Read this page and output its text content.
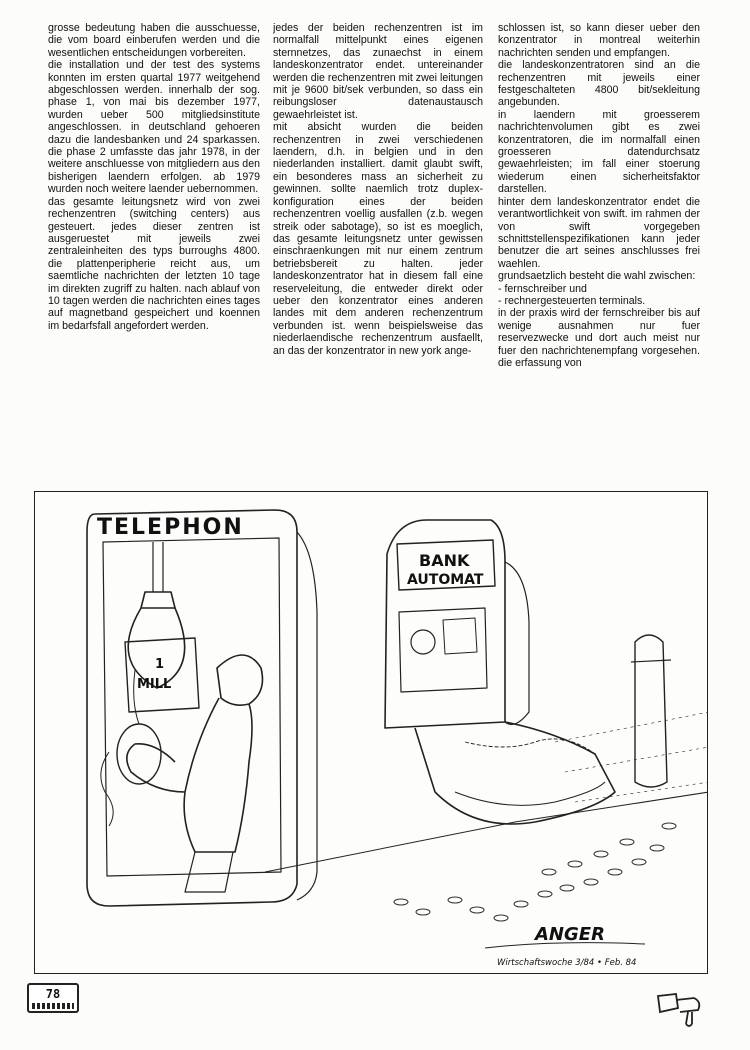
grosse bedeutung haben die ausschuesse, die vom board einberufen werden und die wesentlichen entscheidungen vorbereiten.

die installation und der test des systems konnten im ersten quartal 1977 weitgehend abgeschlossen werden. innerhalb der sog. phase 1, von mai bis dezember 1977, wurden ueber 500 mitgliedsinstitute angeschlossen. in deutschland gehoeren dazu die landesbanken und 24 sparkassen. die phase 2 umfasste das jahr 1978, in der weitere anschluesse von mitgliedern aus den bisherigen laendern erfolgen. ab 1979 wurden noch weitere laender uebernommen.

das gesamte leitungsnetz wird von zwei rechenzentren (switching centers) aus gesteuert. jedes dieser zentren ist ausgeruestet mit jeweils zwei zentraleinheiten des typs burroughs 4800. die plattenperipherie reicht aus, um saemtliche nachrichten der letzten 10 tage im direkten zugriff zu halten. nach ablauf von 10 tagen werden die nachrichten eines tages auf magnetband gespeichert und koennen im bedarfsfall angefordert werden.

jedes der beiden rechenzentren ist im normalfall mittelpunkt eines eigenen sternnetzes, das zunaechst in einem landeskonzentrator endet. untereinander werden die rechenzentren mit zwei leitungen mit je 9600 bit/sek verbunden, so dass ein reibungsloser datenaustausch gewaehrleistet ist.

mit absicht wurden die beiden rechenzentren in zwei verschiedenen laendern, d.h. in belgien und in den niederlanden installiert. damit glaubt swift, ein besonderes mass an sicherheit zu gewinnen. sollte naemlich trotz duplex-konfiguration eines der beiden rechenzentren voellig ausfallen (z.b. wegen streik oder sabotage), so ist es moeglich, das gesamte leitungsnetz unter gewissen einschraenkungen mit nur einem zentrum betriebsbereit zu halten. jeder landeskonzentrator hat in diesem fall eine reserveleitung, die entweder direkt oder ueber den konzentrator eines anderen landes mit dem anderen rechenzentrum verbunden ist. wenn beispielsweise das niederlaendische rechenzentrum ausfaellt, an das der konzentrator in new york ange-

schlossen ist, so kann dieser ueber den konzentrator in montreal weiterhin nachrichten senden und empfangen.

die landeskonzentratoren sind an die rechenzentren mit jeweils einer festgeschalteten 4800 bit/sekleitung angebunden.

in laendern mit groesserem nachrichtenvolumen gibt es zwei konzentratoren, die im normalfall einen groesseren datendurchsatz gewaehrleisten; im fall einer stoerung wiederum einen sicherheitsfaktor darstellen.

hinter dem landeskonzentrator endet die verantwortlichkeit von swift. im rahmen der von swift vorgegeben schnittstellenspezifikationen kann jeder benutzer die art seines anschlusses frei waehlen.

grundsaetzlich besteht die wahl zwischen:

- fernschreiber und

- rechnergesteuerten terminals.

in der praxis wird der fernschreiber bis auf wenige ausnahmen nur fuer reservezwecke und dort auch meist nur fuer den nachrichtenempfang vorgesehen. die erfassung von

TELEPHON
BANK
AUTOMAT
1
MILL
ANGER
Wirtschaftswoche 3/84 • Feb. 84
78
